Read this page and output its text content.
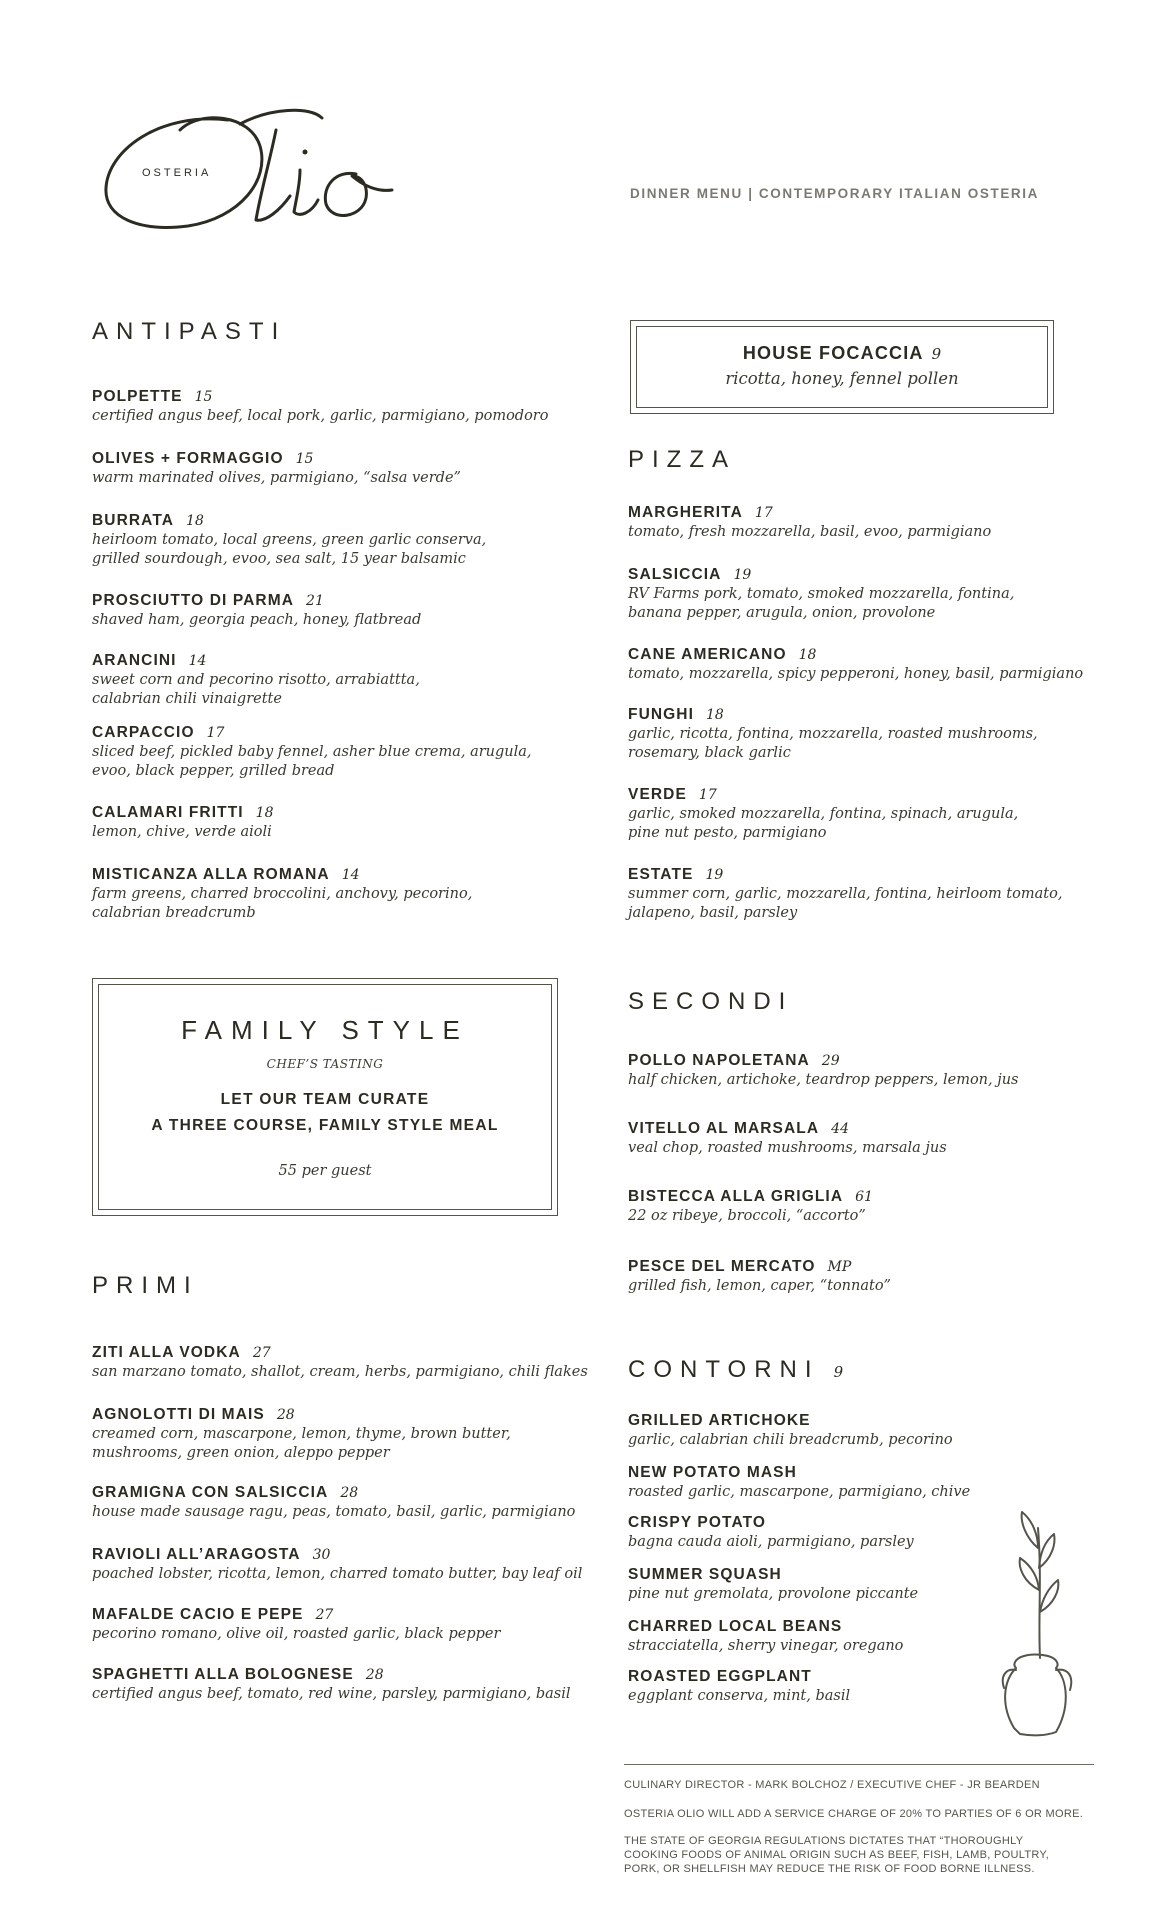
OSTERIA
DINNER MENU | CONTEMPORARY ITALIAN OSTERIA
ANTIPASTI
POLPETTE 15
certified angus beef, local pork, garlic, parmigiano, pomodoro
OLIVES + FORMAGGIO 15
warm marinated olives, parmigiano, “salsa verde”
BURRATA 18
heirloom tomato, local greens, green garlic conserva,
grilled sourdough, evoo, sea salt, 15 year balsamic
PROSCIUTTO DI PARMA 21
shaved ham, georgia peach, honey, flatbread
ARANCINI 14
sweet corn and pecorino risotto, arrabiattta,
calabrian chili vinaigrette
CARPACCIO 17
sliced beef, pickled baby fennel, asher blue crema, arugula,
evoo, black pepper, grilled bread
CALAMARI FRITTI 18
lemon, chive, verde aioli
MISTICANZA ALLA ROMANA 14
farm greens, charred broccolini, anchovy, pecorino,
calabrian breadcrumb
HOUSE FOCACCIA 9
ricotta, honey, fennel pollen
PIZZA
MARGHERITA 17
tomato, fresh mozzarella, basil, evoo, parmigiano
SALSICCIA 19
RV Farms pork, tomato, smoked mozzarella, fontina,
banana pepper, arugula, onion, provolone
CANE AMERICANO 18
tomato, mozzarella, spicy pepperoni, honey, basil, parmigiano
FUNGHI 18
garlic, ricotta, fontina, mozzarella, roasted mushrooms,
rosemary, black garlic
VERDE 17
garlic, smoked mozzarella, fontina, spinach, arugula,
pine nut pesto, parmigiano
ESTATE 19
summer corn, garlic, mozzarella, fontina, heirloom tomato,
jalapeno, basil, parsley
FAMILY STYLE
CHEF’S TASTING
LET OUR TEAM CURATE
A THREE COURSE, FAMILY STYLE MEAL
55 per guest
SECONDI
POLLO NAPOLETANA 29
half chicken, artichoke, teardrop peppers, lemon, jus
VITELLO AL MARSALA 44
veal chop, roasted mushrooms, marsala jus
BISTECCA ALLA GRIGLIA 61
22 oz ribeye, broccoli, “accorto”
PESCE DEL MERCATO MP
grilled fish, lemon, caper, “tonnato”
PRIMI
ZITI ALLA VODKA 27
san marzano tomato, shallot, cream, herbs, parmigiano, chili flakes
AGNOLOTTI DI MAIS 28
creamed corn, mascarpone, lemon, thyme, brown butter,
mushrooms, green onion, aleppo pepper
GRAMIGNA CON SALSICCIA 28
house made sausage ragu, peas, tomato, basil, garlic, parmigiano
RAVIOLI ALL’ARAGOSTA 30
poached lobster, ricotta, lemon, charred tomato butter, bay leaf oil
MAFALDE CACIO E PEPE 27
pecorino romano, olive oil, roasted garlic, black pepper
SPAGHETTI ALLA BOLOGNESE 28
certified angus beef, tomato, red wine, parsley, parmigiano, basil
CONTORNI 9
GRILLED ARTICHOKE
garlic, calabrian chili breadcrumb, pecorino
NEW POTATO MASH
roasted garlic, mascarpone, parmigiano, chive
CRISPY POTATO
bagna cauda aioli, parmigiano, parsley
SUMMER SQUASH
pine nut gremolata, provolone piccante
CHARRED LOCAL BEANS
stracciatella, sherry vinegar, oregano
ROASTED EGGPLANT
eggplant conserva, mint, basil
CULINARY DIRECTOR - MARK BOLCHOZ / EXECUTIVE CHEF - JR BEARDEN
OSTERIA OLIO WILL ADD A SERVICE CHARGE OF 20% TO PARTIES OF 6 OR MORE.
THE STATE OF GEORGIA REGULATIONS DICTATES THAT “THOROUGHLY
COOKING FOODS OF ANIMAL ORIGIN SUCH AS BEEF, FISH, LAMB, POULTRY,
PORK, OR SHELLFISH MAY REDUCE THE RISK OF FOOD BORNE ILLNESS.
